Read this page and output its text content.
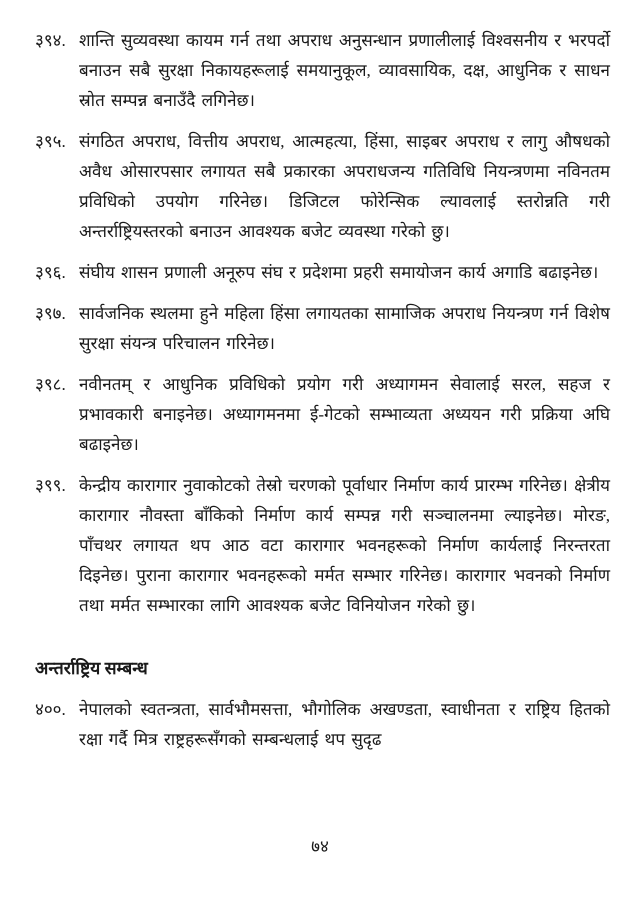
३९४. शान्ति सुव्यवस्था कायम गर्न तथा अपराध अनुसन्धान प्रणालीलाई विश्वसनीय र भरपर्दो बनाउन सबै सुरक्षा निकायहरूलाई समयानुकूल, व्यावसायिक, दक्ष, आधुनिक र साधन स्रोत सम्पन्न बनाउँदै लगिनेछ।

३९५. संगठित अपराध, वित्तीय अपराध, आत्महत्या, हिंसा, साइबर अपराध र लागु औषधको अवैध ओसारपसार लगायत सबै प्रकारका अपराधजन्य गतिविधि नियन्त्रणमा नविनतम प्रविधिको उपयोग गरिनेछ। डिजिटल फोरेन्सिक ल्यावलाई स्तरोन्नति गरी अन्तर्राष्ट्रियस्तरको बनाउन आवश्यक बजेट व्यवस्था गरेको छु।

३९६. संघीय शासन प्रणाली अनूरुप संघ र प्रदेशमा प्रहरी समायोजन कार्य अगाडि बढाइनेछ।

३९७. सार्वजनिक स्थलमा हुने महिला हिंसा लगायतका सामाजिक अपराध नियन्त्रण गर्न विशेष सुरक्षा संयन्त्र परिचालन गरिनेछ।

३९८. नवीनतम् र आधुनिक प्रविधिको प्रयोग गरी अध्यागमन सेवालाई सरल, सहज र प्रभावकारी बनाइनेछ। अध्यागमनमा ई-गेटको सम्भाव्यता अध्ययन गरी प्रक्रिया अघि बढाइनेछ।

३९९. केन्द्रीय कारागार नुवाकोटको तेस्रो चरणको पूर्वाधार निर्माण कार्य प्रारम्भ गरिनेछ। क्षेत्रीय कारागार नौवस्ता बाँकिको निर्माण कार्य सम्पन्न गरी सञ्चालनमा ल्याइनेछ। मोरङ, पाँचथर लगायत थप आठ वटा कारागार भवनहरूको निर्माण कार्यलाई निरन्तरता दिइनेछ। पुराना कारागार भवनहरूको मर्मत सम्भार गरिनेछ। कारागार भवनको निर्माण तथा मर्मत सम्भारका लागि आवश्यक बजेट विनियोजन गरेको छु।

अन्तर्राष्ट्रिय सम्बन्ध

४००. नेपालको स्वतन्त्रता, सार्वभौमसत्ता, भौगोलिक अखण्डता, स्वाधीनता र राष्ट्रिय हितको रक्षा गर्दै मित्र राष्ट्रहरूसँगको सम्बन्धलाई थप सुदृढ

७४
